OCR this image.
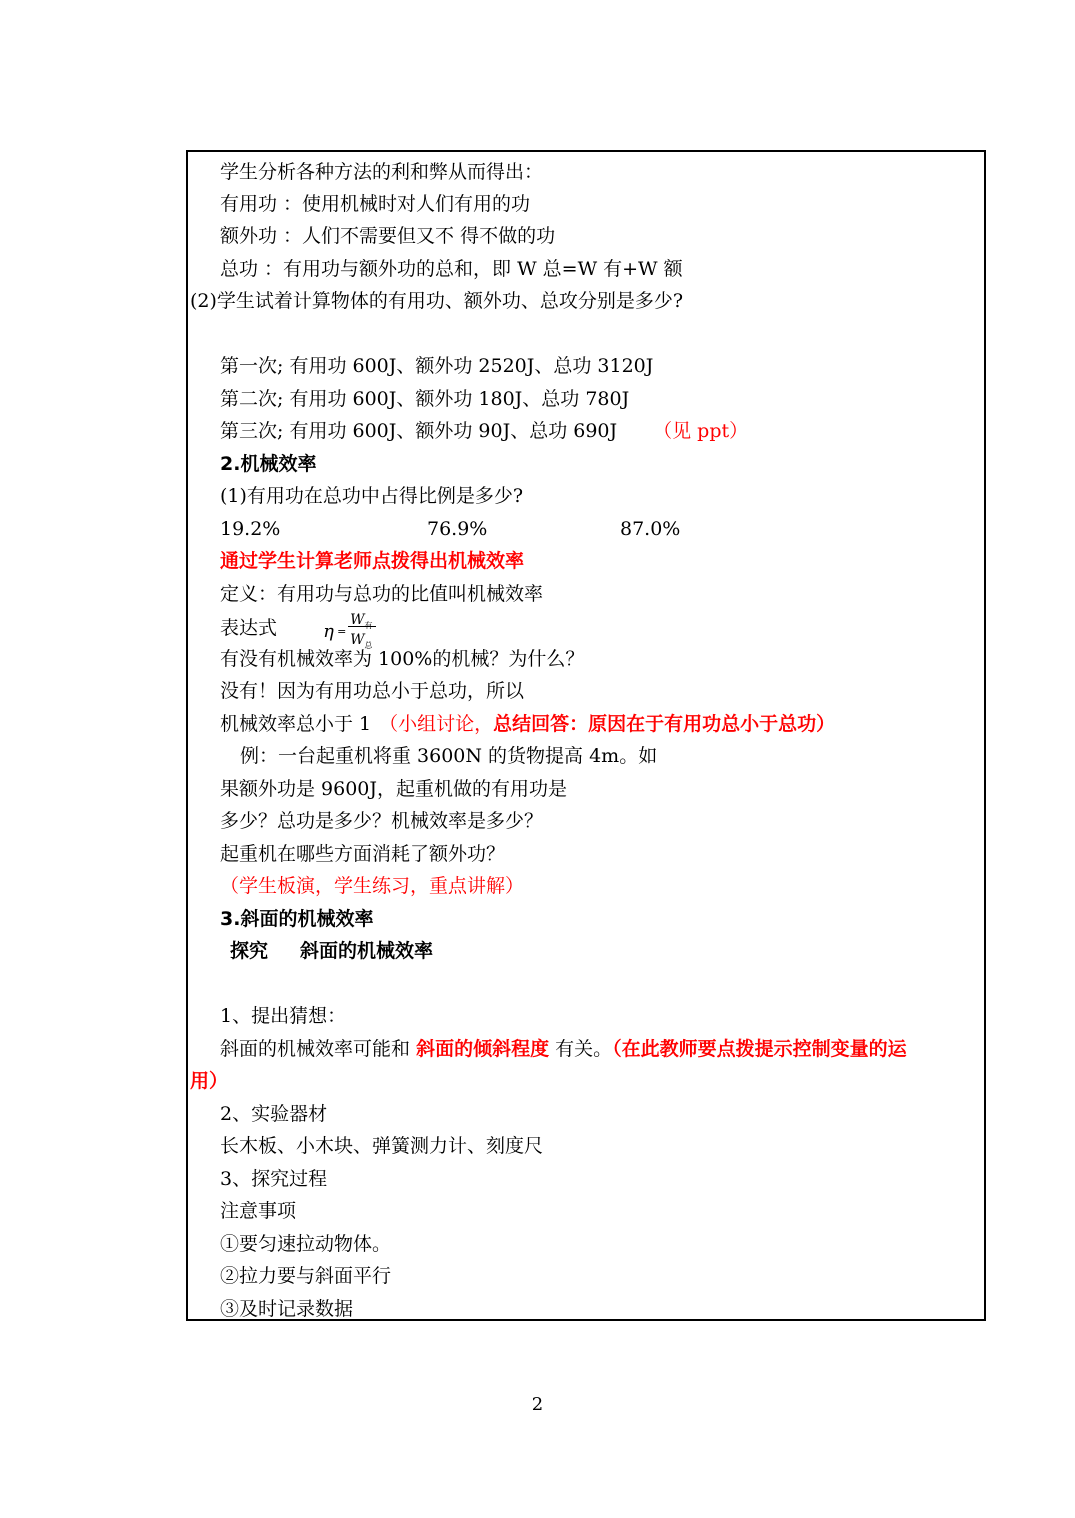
学生分析各种方法的利和弊从而得出：
有用功 ：使用机械时对人们有用的功
额外功 ：人们不需要但又不 得不做的功
总功 ：有用功与额外功的总和，即 W 总=W 有+W 额
(2)学生试着计算物体的有用功、额外功、总攻分别是多少?
第一次; 有用功 600J、额外功 2520J、总功 3120J
第二次; 有用功 600J、额外功 180J、总功 780J
第三次; 有用功 600J、额外功 90J、总功 690J （见 ppt）
2.机械效率
(1)有用功在总功中占得比例是多少?
19.2%	76.9%	87.0%
通过学生计算老师点拨得出机械效率
定义：有用功与总功的比值叫机械效率
表达式	η =
$W_有$
$W_总$
有没有机械效率为 100%的机械？为什么？
没有！因为有用功总小于总功，所以
机械效率总小于 1 （小组讨论，总结回答：原因在于有用功总小于总功）
例：一台起重机将重 3600N 的货物提高 4m。如
果额外功是 9600J，起重机做的有用功是
多少？总功是多少？机械效率是多少？
起重机在哪些方面消耗了额外功？
（学生板演，学生练习，重点讲解）
3.斜面的机械效率
探究 斜面的机械效率
1、提出猜想：
斜面的机械效率可能和 斜面的倾斜程度 有关。（在此教师要点拨提示控制变量的运
用）
2、实验器材
长木板、小木块、弹簧测力计、刻度尺
3、探究过程
注意事项
①要匀速拉动物体。
②拉力要与斜面平行
③及时记录数据
2
